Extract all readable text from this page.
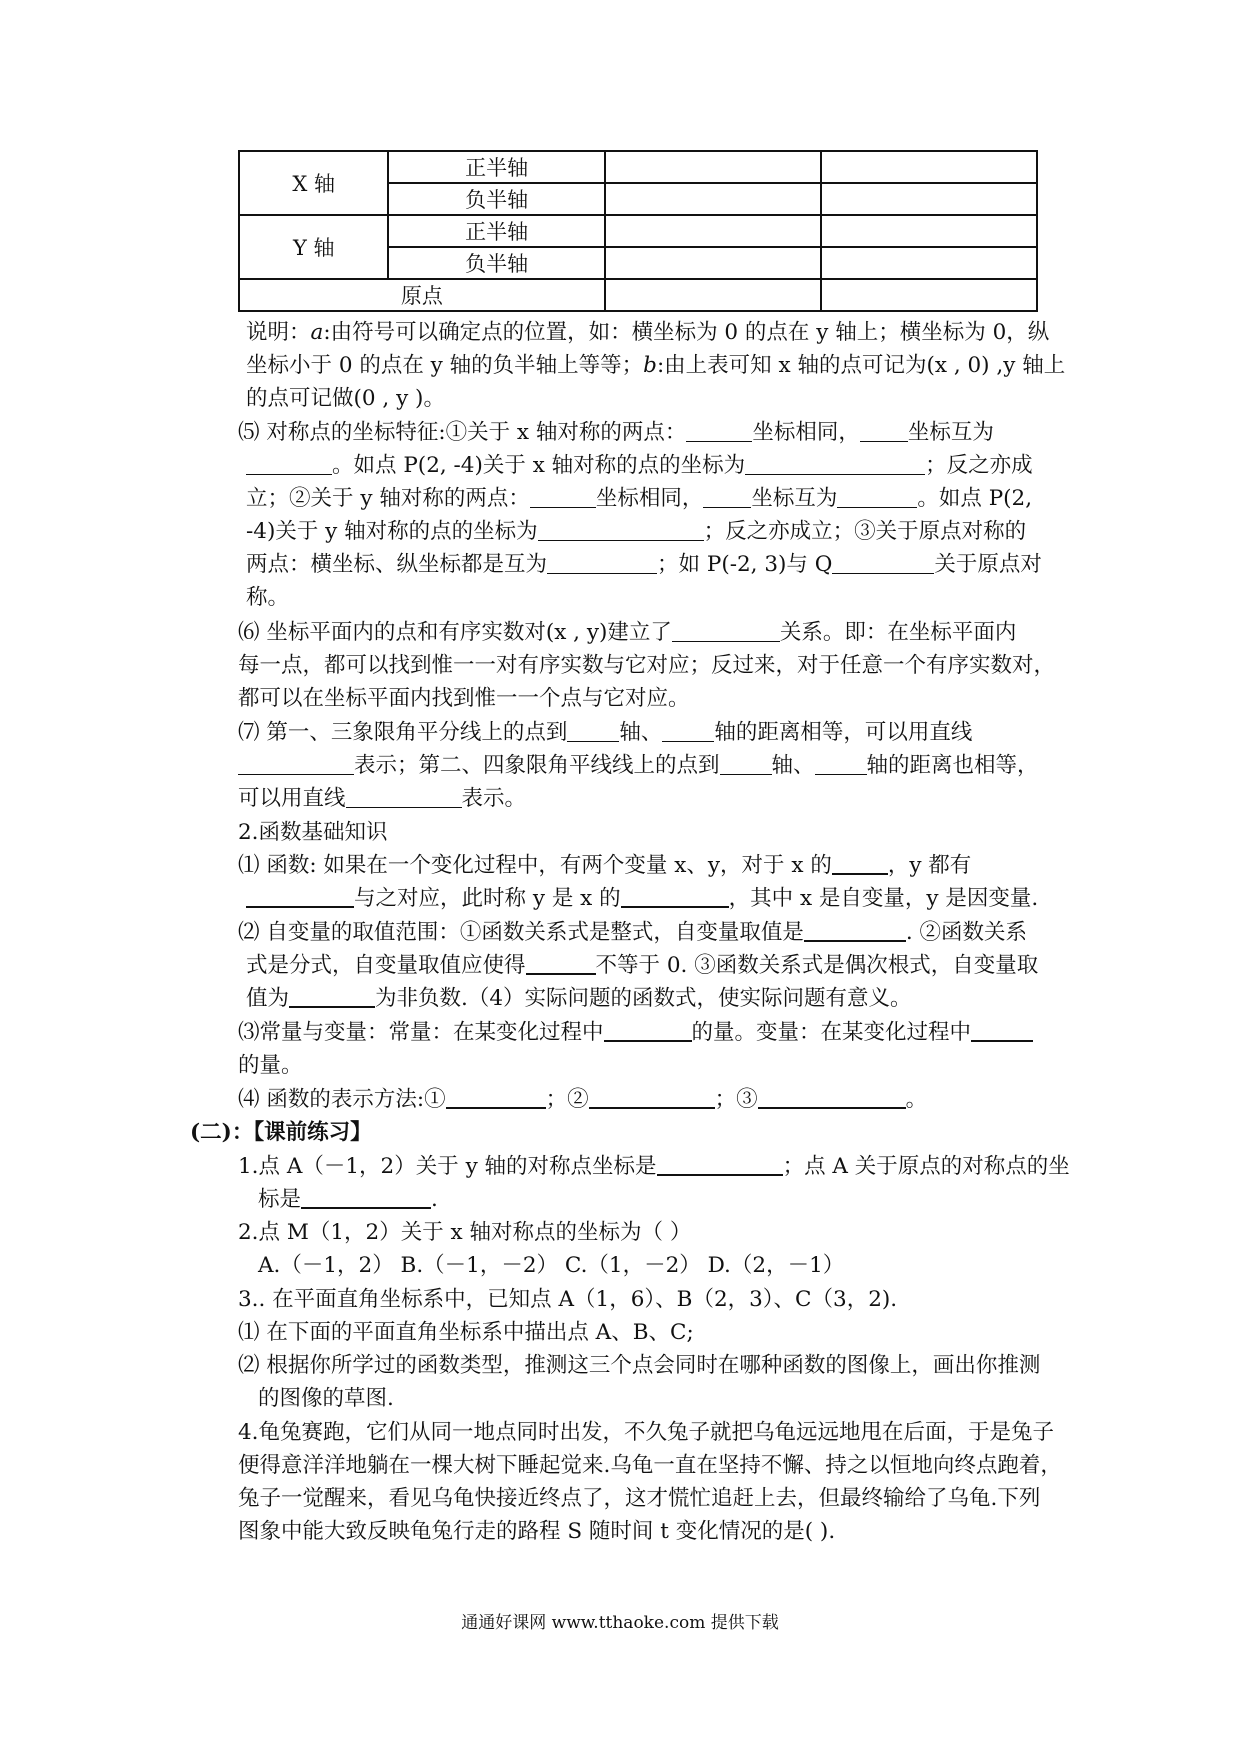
X 轴	正半轴		
	负半轴		
Y 轴	正半轴		
	负半轴		
原点			
说明：a:由符号可以确定点的位置，如：横坐标为 0 的点在 y 轴上；横坐标为 0，纵
坐标小于 0 的点在 y 轴的负半轴上等等；b:由上表可知 x 轴的点可记为(x , 0) ,y 轴上
的点可记做(0 , y )。
⑸ 对称点的坐标特征:①关于 x 轴对称的两点：	坐标相同， 坐标互为
。如点 P(2, -4)关于 x 轴对称的点的坐标为	；反之亦成
立；②关于 y 轴对称的两点：	坐标相同， 坐标互为	。如点 P(2,
-4)关于 y 轴对称的点的坐标为	；反之亦成立；③关于原点对称的
两点：横坐标、纵坐标都是互为	；如 P(-2, 3)与 Q	关于原点对
称。
⑹ 坐标平面内的点和有序实数对(x , y)建立了	关系。即：在坐标平面内
每一点，都可以找到惟一一对有序实数与它对应；反过来，对于任意一个有序实数对，
都可以在坐标平面内找到惟一一个点与它对应。
⑺ 第一、三象限角平分线上的点到 轴、 轴的距离相等，可以用直线
表示；第二、四象限角平线线上的点到 轴、 轴的距离也相等，
可以用直线	表示。
2.函数基础知识
⑴ 函数: 如果在一个变化过程中，有两个变量 x、y，对于 x 的	，y 都有
与之对应，此时称 y 是 x 的	，其中 x 是自变量，y 是因变量.
⑵ 自变量的取值范围：①函数关系式是整式，自变量取值是	. ②函数关系
式是分式，自变量取值应使得	不等于 0. ③函数关系式是偶次根式，自变量取
值为	为非负数.（4）实际问题的函数式，使实际问题有意义。
⑶常量与变量：常量：在某变化过程中	的量。变量：在某变化过程中
的量。
⑷ 函数的表示方法:①	；②	；③	。
(二)：【课前练习】
1.点 A（－1，2）关于 y 轴的对称点坐标是	；点 A 关于原点的对称点的坐
标是	.
2.点 M（1，2）关于 x 轴对称点的坐标为（ ）
A.（－1，2） B.（－1，－2） C.（1，－2） D.（2，－1）
3.. 在平面直角坐标系中，已知点 A（1，6）、B（2，3）、C（3，2).
⑴ 在下面的平面直角坐标系中描出点 A、B、C;
⑵ 根据你所学过的函数类型，推测这三个点会同时在哪种函数的图像上，画出你推测
的图像的草图.
4.龟兔赛跑，它们从同一地点同时出发，不久兔子就把乌龟远远地甩在后面，于是兔子
便得意洋洋地躺在一棵大树下睡起觉来.乌龟一直在坚持不懈、持之以恒地向终点跑着，
兔子一觉醒来，看见乌龟快接近终点了，这才慌忙追赶上去，但最终输给了乌龟.下列
图象中能大致反映龟兔行走的路程 S 随时间 t 变化情况的是( ).
通通好课网 www.tthaoke.com 提供下载
